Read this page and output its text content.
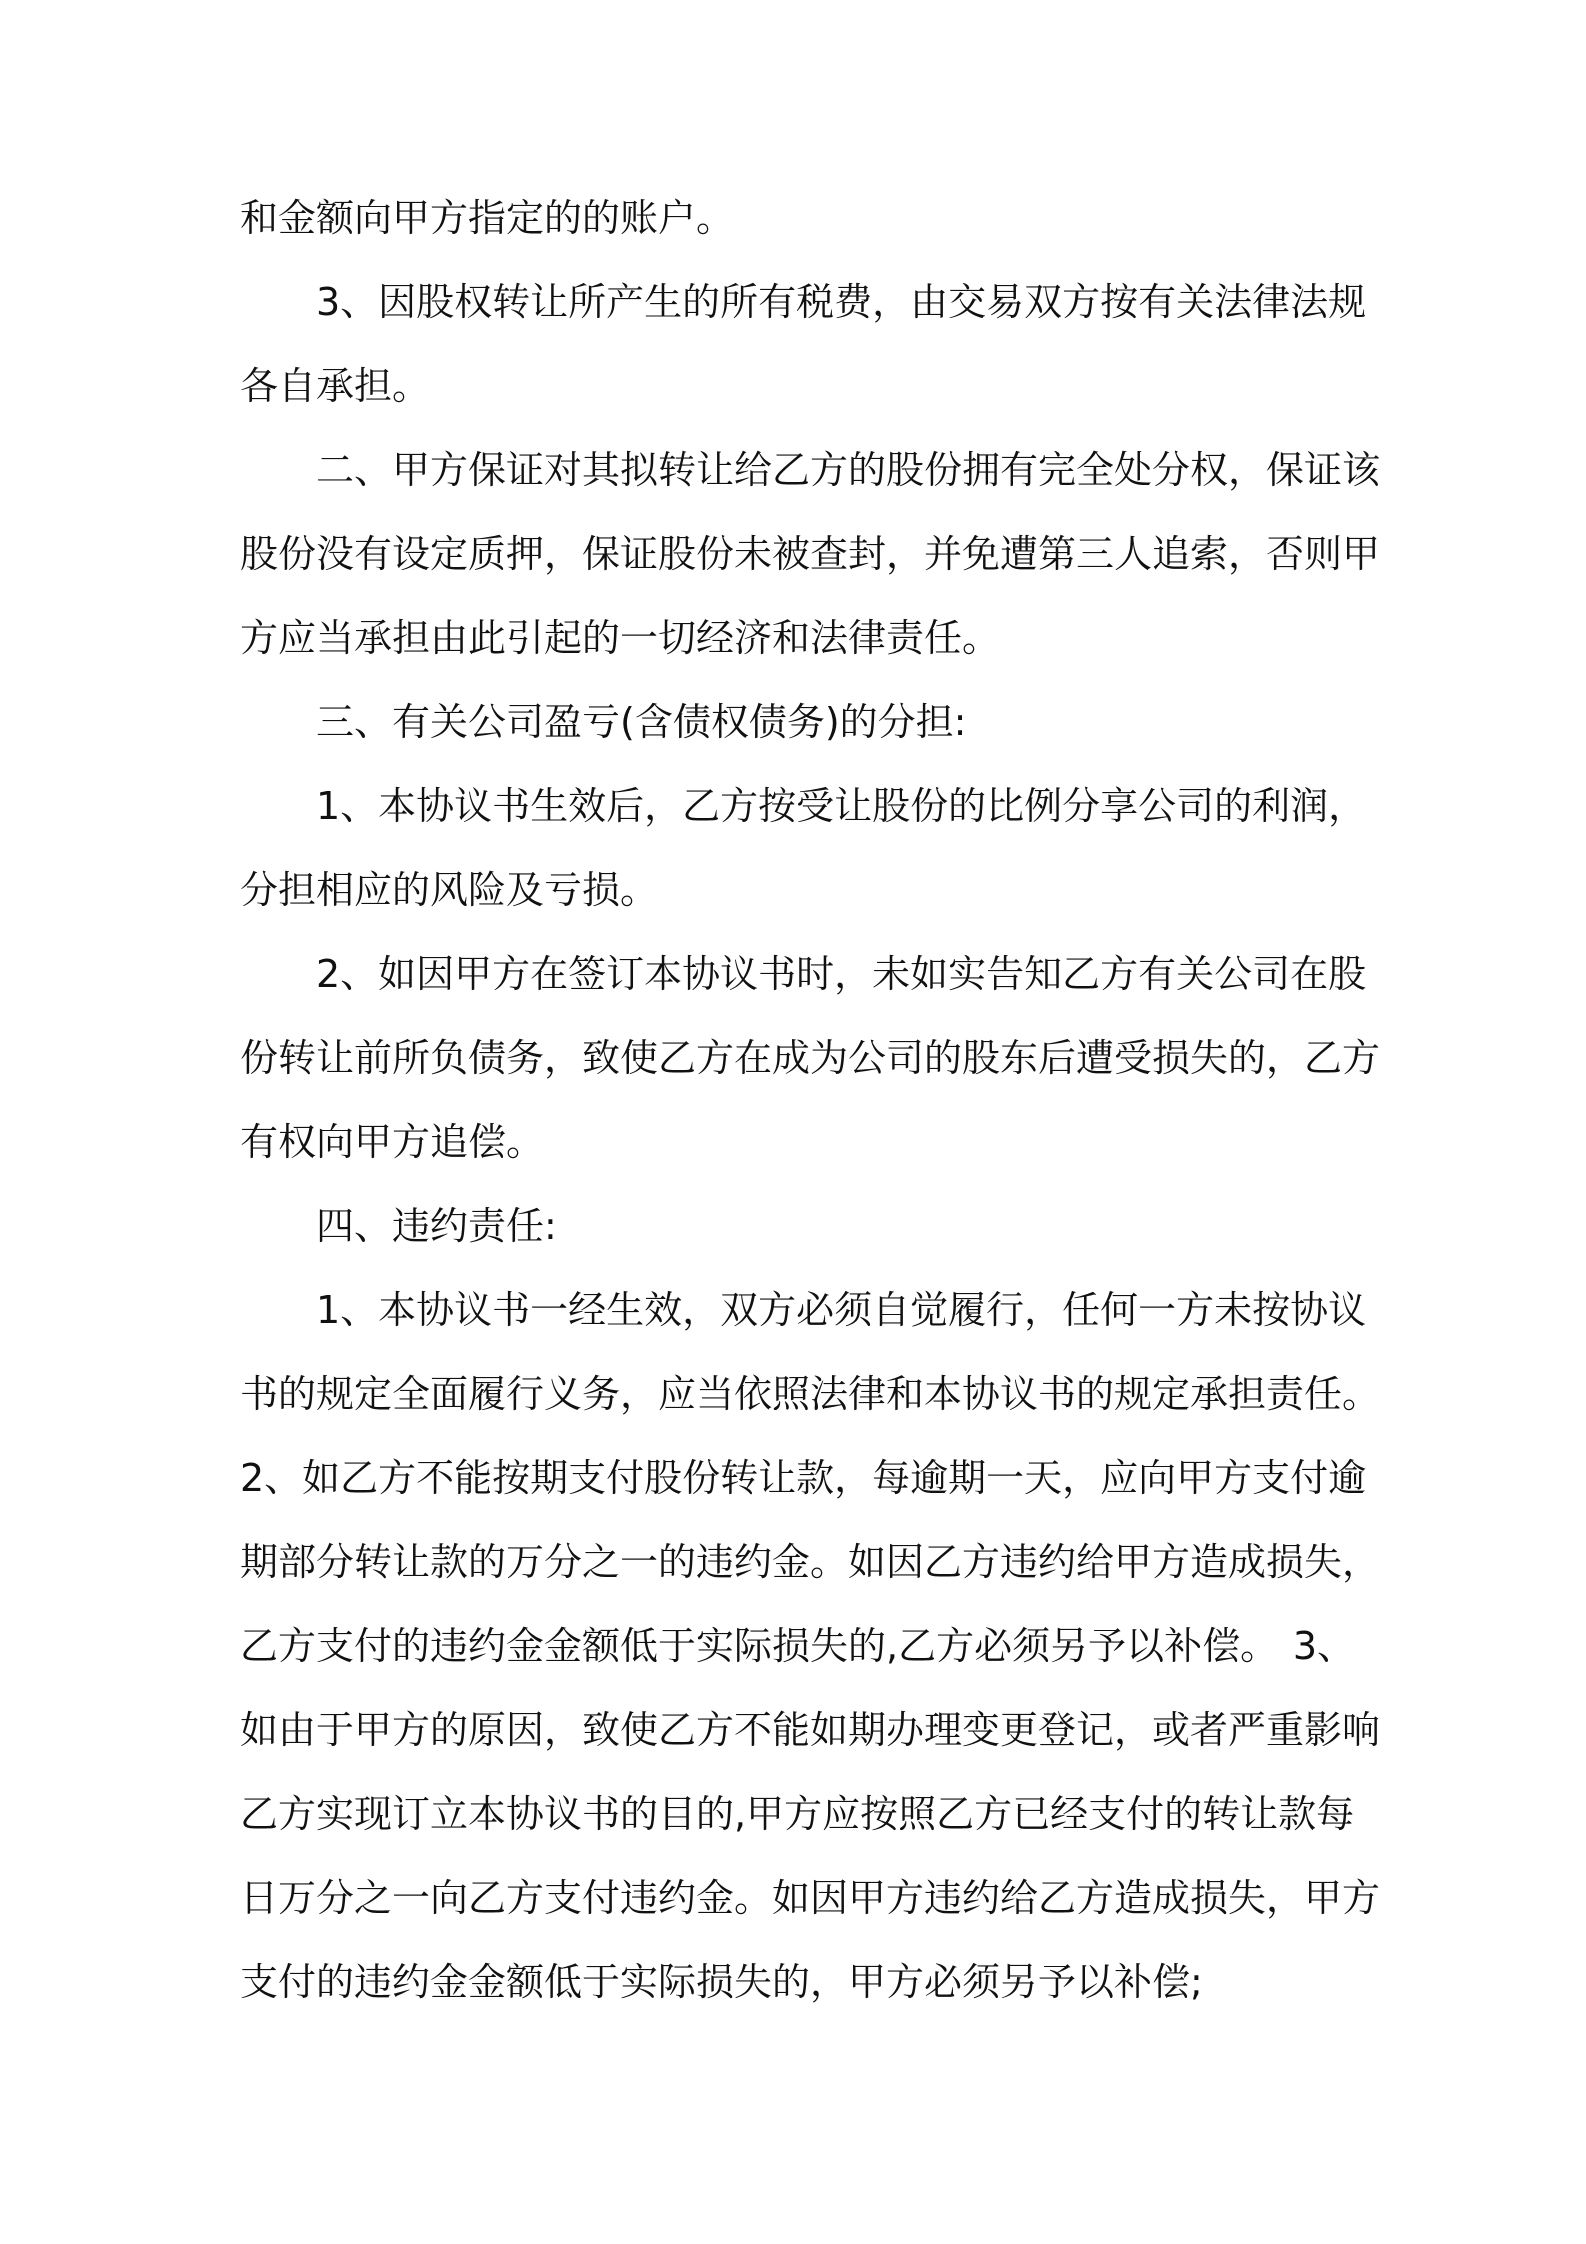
和金额向甲方指定的的账户。
3、因股权转让所产生的所有税费，由交易双方按有关法律法规
各自承担。
二、甲方保证对其拟转让给乙方的股份拥有完全处分权，保证该
股份没有设定质押，保证股份未被查封，并免遭第三人追索，否则甲
方应当承担由此引起的一切经济和法律责任。
三、有关公司盈亏(含债权债务)的分担:
1、本协议书生效后，乙方按受让股份的比例分享公司的利润，
分担相应的风险及亏损。
2、如因甲方在签订本协议书时，未如实告知乙方有关公司在股
份转让前所负债务，致使乙方在成为公司的股东后遭受损失的，乙方
有权向甲方追偿。
四、违约责任:
1、本协议书一经生效，双方必须自觉履行，任何一方未按协议
书的规定全面履行义务，应当依照法律和本协议书的规定承担责任。
2、如乙方不能按期支付股份转让款，每逾期一天，应向甲方支付逾
期部分转让款的万分之一的违约金。如因乙方违约给甲方造成损失，
乙方支付的违约金金额低于实际损失的,乙方必须另予以补偿。 3、
如由于甲方的原因，致使乙方不能如期办理变更登记，或者严重影响
乙方实现订立本协议书的目的,甲方应按照乙方已经支付的转让款每
日万分之一向乙方支付违约金。如因甲方违约给乙方造成损失，甲方
支付的违约金金额低于实际损失的，甲方必须另予以补偿;
